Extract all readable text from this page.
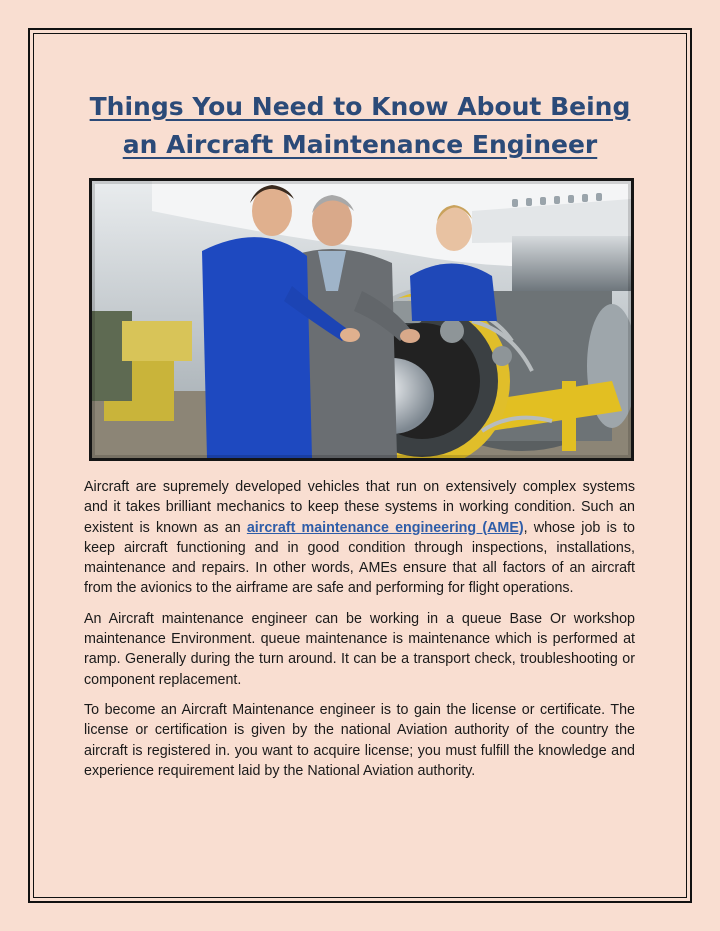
Things You Need to Know About Being
an Aircraft Maintenance Engineer

Aircraft are supremely developed vehicles that run on extensively complex systems and it takes brilliant mechanics to keep these systems in working condition. Such an existent is known as an aircraft maintenance engineering (AME), whose job is to keep aircraft functioning and in good condition through inspections, installations, maintenance and repairs. In other words, AMEs ensure that all factors of an aircraft from the avionics to the airframe are safe and performing for flight operations.

An Aircraft maintenance engineer can be working in a queue Base Or workshop maintenance Environment. queue maintenance is maintenance which is performed at ramp. Generally during the turn around. It can be a transport check, troubleshooting or component replacement.

To become an Aircraft Maintenance engineer is to gain the license or certificate. The license or certification is given by the national Aviation authority of the country the aircraft is registered in. you want to acquire license; you must fulfill the knowledge and experience requirement laid by the National Aviation authority.
